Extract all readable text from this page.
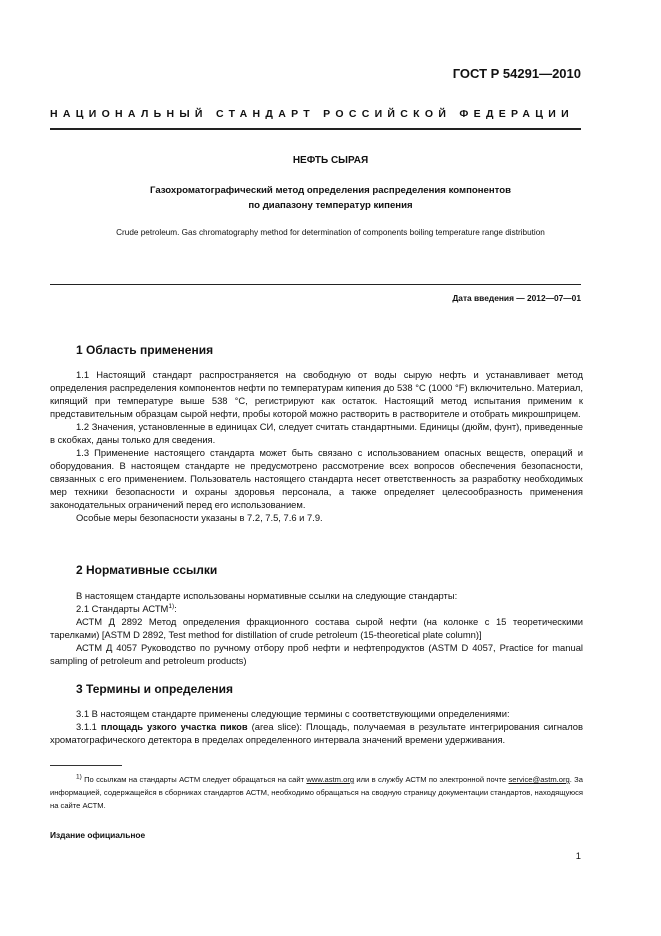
ГОСТ Р 54291—2010
НАЦИОНАЛЬНЫЙ СТАНДАРТ РОССИЙСКОЙ ФЕДЕРАЦИИ
НЕФТЬ СЫРАЯ
Газохроматографический метод определения распределения компонентов
по диапазону температур кипения
Crude petroleum. Gas chromatography method for determination of components boiling temperature range distribution
Дата введения — 2012—07—01
1 Область применения

1.1 Настоящий стандарт распространяется на свободную от воды сырую нефть и устанавливает метод определения распределения компонентов нефти по температурам кипения до 538 °C (1000 °F) включительно. Материал, кипящий при температуре выше 538 °C, регистрируют как остаток. Настоящий метод испытания применим к представительным образцам сырой нефти, пробы которой можно растворить в растворителе и отобрать микрошприцем.

1.2 Значения, установленные в единицах СИ, следует считать стандартными. Единицы (дюйм, фунт), приведенные в скобках, даны только для сведения.

1.3 Применение настоящего стандарта может быть связано с использованием опасных веществ, операций и оборудования. В настоящем стандарте не предусмотрено рассмотрение всех вопросов обеспечения безопасности, связанных с его применением. Пользователь настоящего стандарта несет ответственность за разработку необходимых мер техники безопасности и охраны здоровья персонала, а также определяет целесообразность применения законодательных ограничений перед его использованием.

Особые меры безопасности указаны в 7.2, 7.5, 7.6 и 7.9.

2 Нормативные ссылки

В настоящем стандарте использованы нормативные ссылки на следующие стандарты:

2.1 Стандарты АСТМ$^{1)}$:

АСТМ Д 2892 Метод определения фракционного состава сырой нефти (на колонке с 15 теоретическими тарелками) [ASTM D 2892, Test method for distillation of crude petroleum (15-theoretical plate column)]

АСТМ Д 4057 Руководство по ручному отбору проб нефти и нефтепродуктов (ASTM D 4057, Practice for manual sampling of petroleum and petroleum products)

3 Термины и определения

3.1 В настоящем стандарте применены следующие термины с соответствующими определениями:

3.1.1 площадь узкого участка пиков (area slice): Площадь, получаемая в результате интегрирования сигналов хроматографического детектора в пределах определенного интервала значений времени удерживания.

$^{1)}$ По ссылкам на стандарты АСТМ следует обращаться на сайт www.astm.org или в службу АСТМ по электронной почте service@astm.org. За информацией, содержащейся в сборниках стандартов АСТМ, необходимо обращаться на сводную страницу документации стандартов, находящуюся на сайте АСТМ.

Издание официальное
1
